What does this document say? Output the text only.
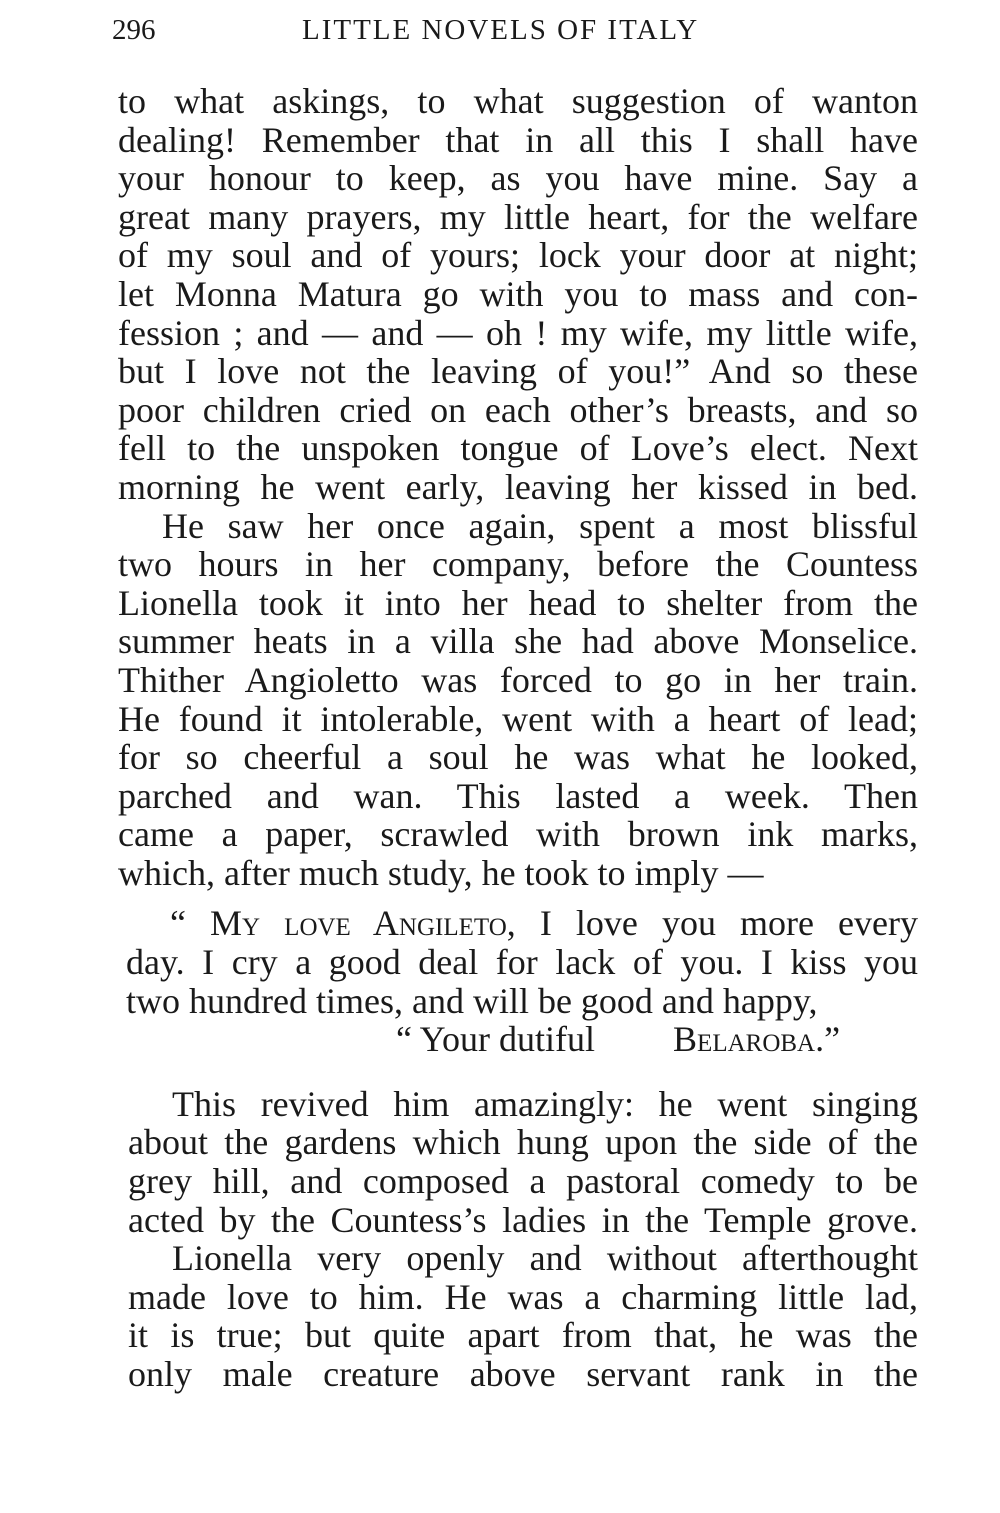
296	LITTLE NOVELS OF ITALY
to what askings, to what suggestion of wanton
dealing! Remember that in all this I shall have
your honour to keep, as you have mine. Say a
great many prayers, my little heart, for the welfare
of my soul and of yours; lock your door at night;
let Monna Matura go with you to mass and con-
fession ; and — and — oh ! my wife, my little wife,
but I love not the leaving of you!” And so these
poor children cried on each other’s breasts, and so
fell to the unspoken tongue of Love’s elect. Next
morning he went early, leaving her kissed in bed.
He saw her once again, spent a most blissful
two hours in her company, before the Countess
Lionella took it into her head to shelter from the
summer heats in a villa she had above Monselice.
Thither Angioletto was forced to go in her train.
He found it intolerable, went with a heart of lead;
for so cheerful a soul he was what he looked,
parched and wan. This lasted a week. Then
came a paper, scrawled with brown ink marks,
which, after much study, he took to imply —
“ My love Angileto, I love you more every
day. I cry a good deal for lack of you. I kiss you
two hundred times, and will be good and happy,
“ Your dutiful Belaroba.”
This revived him amazingly: he went singing
about the gardens which hung upon the side of the
grey hill, and composed a pastoral comedy to be
acted by the Countess’s ladies in the Temple grove.
Lionella very openly and without afterthought
made love to him. He was a charming little lad,
it is true; but quite apart from that, he was the
only male creature above servant rank in the
